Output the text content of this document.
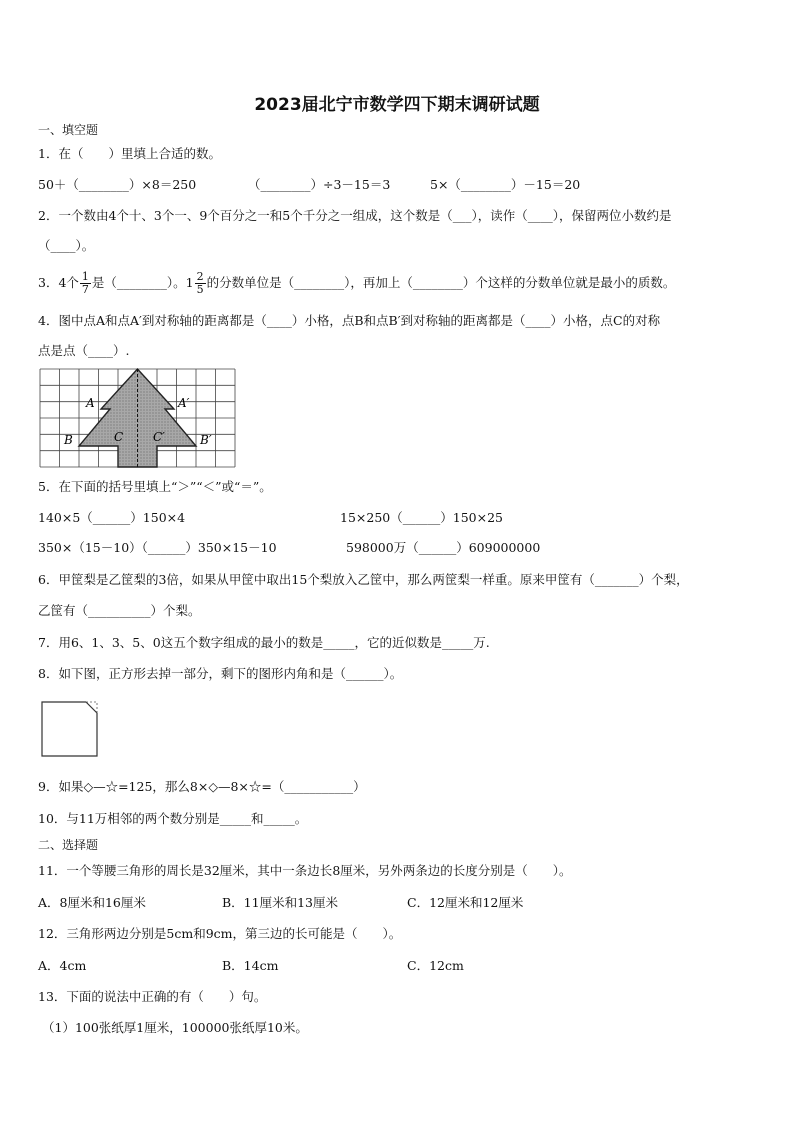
2023届北宁市数学四下期末调研试题
一、填空题
1．在（　　）里填上合适的数。
50＋（________）×8＝250	（________）÷3－15＝3	5×（________）－15＝20
2．一个数由4个十、3个一、9个百分之一和5个千分之一组成，这个数是（___），读作（____），保留两位小数约是
（____）。
3．4个 $\frac{1}{7}$ 是（________）。$1 \frac{2}{5}$ 的分数单位是（________），再加上（________）个这样的分数单位就是最小的质数。
4．图中点A和点A′到对称轴的距离都是（____）小格，点B和点B′到对称轴的距离都是（____）小格，点C的对称
点是点（____）.
A	A′
B	B′
C C′
5．在下面的括号里填上“＞”“＜”或“＝”。
140×5（______）150×4	15×250（______）150×25
350×（15－10）（______）350×15－10	598000万（______）609000000
6．甲筐梨是乙筐梨的3倍，如果从甲筐中取出15个梨放入乙筐中，那么两筐梨一样重。原来甲筐有（_______）个梨，
乙筐有（__________）个梨。
7．用6、1、3、5、0这五个数字组成的最小的数是_____，它的近似数是_____万.
8．如下图，正方形去掉一部分，剩下的图形内角和是（______）。
9．如果◇—☆=125，那么8×◇—8×☆=（___________）
10．与11万相邻的两个数分别是_____和_____。
二、选择题
11．一个等腰三角形的周长是32厘米，其中一条边长8厘米，另外两条边的长度分别是（　　）。
A．8厘米和16厘米	B．11厘米和13厘米	C．12厘米和12厘米
12．三角形两边分别是5cm和9cm，第三边的长可能是（　　）。
A．4cm	B．14cm	C．12cm
13．下面的说法中正确的有（　　）句。
（1）100张纸厚1厘米，100000张纸厚10米。
